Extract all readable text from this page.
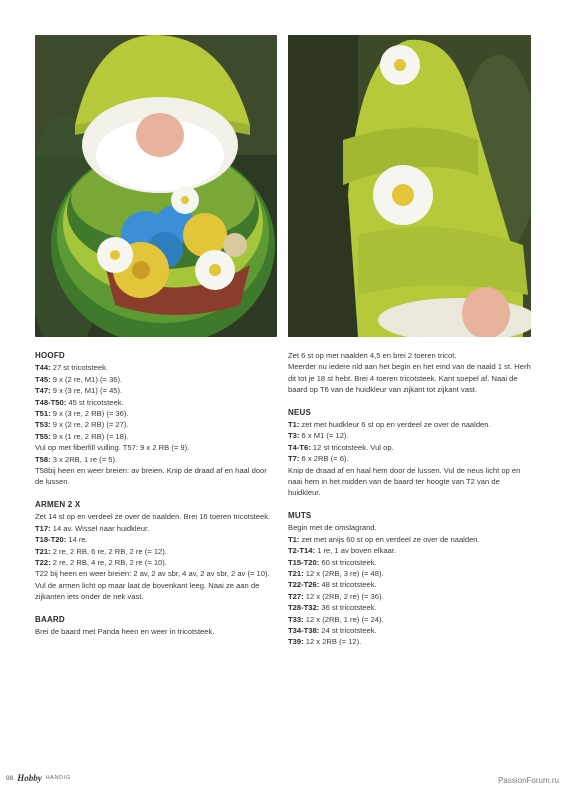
HOOFD
T44: 27 st tricotsteek.
T45: 9 x (2 re, M1) (= 36).
T47: 9 x (3 re, M1) (= 45).
T48-T50: 45 st tricotsteek.
T51: 9 x (3 re, 2 RB) (= 36).
T53: 9 x (2 re, 2 RB) (= 27).
T55: 9 x (1 re, 2 RB) (= 18).
Vul op met fiberfill vulling. T57: 9 x 2 RB (= 9).
T58: 3 x 2RB, 1 re (= 5).
T58bij heen en weer breien: av breien. Knip de draad af en haal door de lussen.
ARMEN 2 X
Zet 14 st op en verdeel ze over de naalden. Brei 16 toeren tricotsteek.
T17: 14 av. Wissel naar huidkleur.
T18-T20: 14 re.
T21: 2 re, 2 RB, 6 re, 2 RB, 2 re (= 12).
T22: 2 re, 2 RB, 4 re, 2 RB, 2 re (= 10).
T22 bij heen en weer breien: 2 av, 2 av sbr, 4 av, 2 av sbr, 2 av (= 10).
Vul de armen licht op maar laat de bovenkant leeg. Naai ze aan de zijkanten iets onder de nek vast.
BAARD
Brei de baard met Panda heen en weer in tricotsteek.
Zet 6 st op met naalden 4,5 en brei 2 toeren tricot.
Meerder nu iedere nld aan het begin en het eind van de naald 1 st. Herh dit tot je 18 st hebt. Brei 4 toeren tricotsteek. Kant soepel af. Naai de baard op T6 van de huidkleur van zijkant tot zijkant vast.
NEUS
T1: zet met huidkleur 6 st op en verdeel ze over de naalden.
T3: 6 x M1 (= 12).
T4-T6: 12 st tricotsteek. Vul op.
T7: 6 x 2RB (= 6).
Knip de draad af en haal hem door de lussen. Vul de neus licht op en naai hem in het midden van de baard ter hoogte van T2 van de huidkleur.
MUTS
Begin met de omslagrand.
T1: zet met anijs 60 st op en verdeel ze over de naalden.
T2-T14: 1 re, 1 av boven elkaar.
T15-T20: 60 st tricotsteek.
T21: 12 x (2RB, 3 re) (= 48).
T22-T26: 48 st tricotsteek.
T27: 12 x (2RB, 2 re) (= 36).
T28-T32: 36 st tricotsteek.
T33: 12 x (2RB, 1 re) (= 24).
T34-T38: 24 st tricotsteek.
T39: 12 x 2RB (= 12).
98 Hobby HANDIG	PassionForum.ru
